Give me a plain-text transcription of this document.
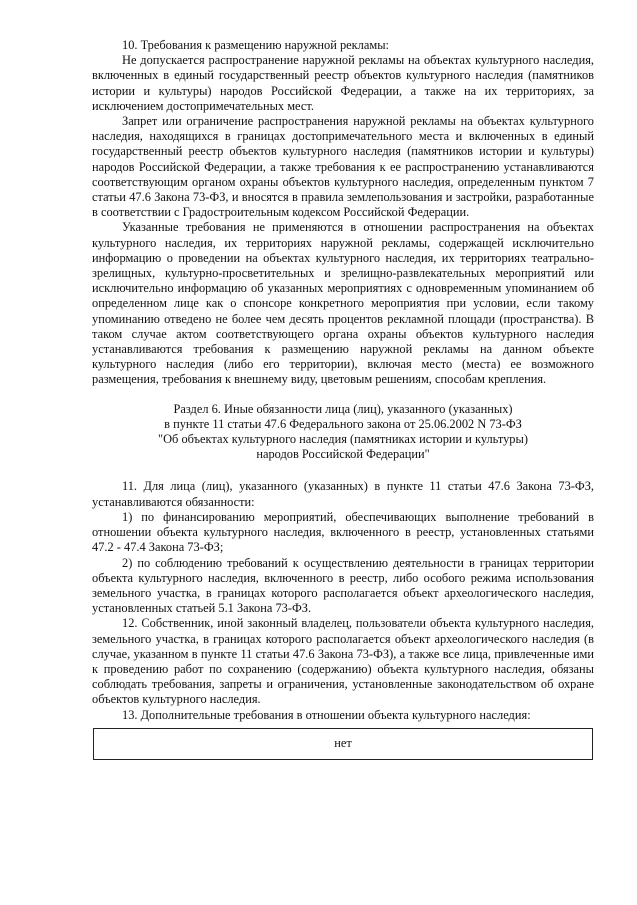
10. Требования к размещению наружной рекламы:

Не допускается распространение наружной рекламы на объектах культурного наследия, включенных в единый государственный реестр объектов культурного наследия (памятников истории и культуры) народов Российской Федерации, а также на их территориях, за исключением достопримечательных мест.

Запрет или ограничение распространения наружной рекламы на объектах культурного наследия, находящихся в границах достопримечательного места и включенных в единый государственный реестр объектов культурного наследия (памятников истории и культуры) народов Российской Федерации, а также требования к ее распространению устанавливаются соответствующим органом охраны объектов культурного наследия, определенным пунктом 7 статьи 47.6 Закона 73-ФЗ, и вносятся в правила землепользования и застройки, разработанные в соответствии с Градостроительным кодексом Российской Федерации.

Указанные требования не применяются в отношении распространения на объектах культурного наследия, их территориях наружной рекламы, содержащей исключительно информацию о проведении на объектах культурного наследия, их территориях театрально-зрелищных, культурно-просветительных и зрелищно-развлекательных мероприятий или исключительно информацию об указанных мероприятиях с одновременным упоминанием об определенном лице как о спонсоре конкретного мероприятия при условии, если такому упоминанию отведено не более чем десять процентов рекламной площади (пространства). В таком случае актом соответствующего органа охраны объектов культурного наследия устанавливаются требования к размещению наружной рекламы на данном объекте культурного наследия (либо его территории), включая место (места) ее возможного размещения, требования к внешнему виду, цветовым решениям, способам крепления.

Раздел 6. Иные обязанности лица (лиц), указанного (указанных)
в пункте 11 статьи 47.6 Федерального закона от 25.06.2002 N 73-ФЗ
"Об объектах культурного наследия (памятниках истории и культуры)
народов Российской Федерации"

11. Для лица (лиц), указанного (указанных) в пункте 11 статьи 47.6 Закона 73-ФЗ, устанавливаются обязанности:

1) по финансированию мероприятий, обеспечивающих выполнение требований в отношении объекта культурного наследия, включенного в реестр, установленных статьями 47.2 - 47.4 Закона 73-ФЗ;

2) по соблюдению требований к осуществлению деятельности в границах территории объекта культурного наследия, включенного в реестр, либо особого режима использования земельного участка, в границах которого располагается объект археологического наследия, установленных статьей 5.1 Закона 73-ФЗ.

12. Собственник, иной законный владелец, пользователи объекта культурного наследия, земельного участка, в границах которого располагается объект археологического наследия (в случае, указанном в пункте 11 статьи 47.6 Закона 73-ФЗ), а также все лица, привлеченные ими к проведению работ по сохранению (содержанию) объекта культурного наследия, обязаны соблюдать требования, запреты и ограничения, установленные законодательством об охране объектов культурного наследия.

13. Дополнительные требования в отношении объекта культурного наследия:

нет
